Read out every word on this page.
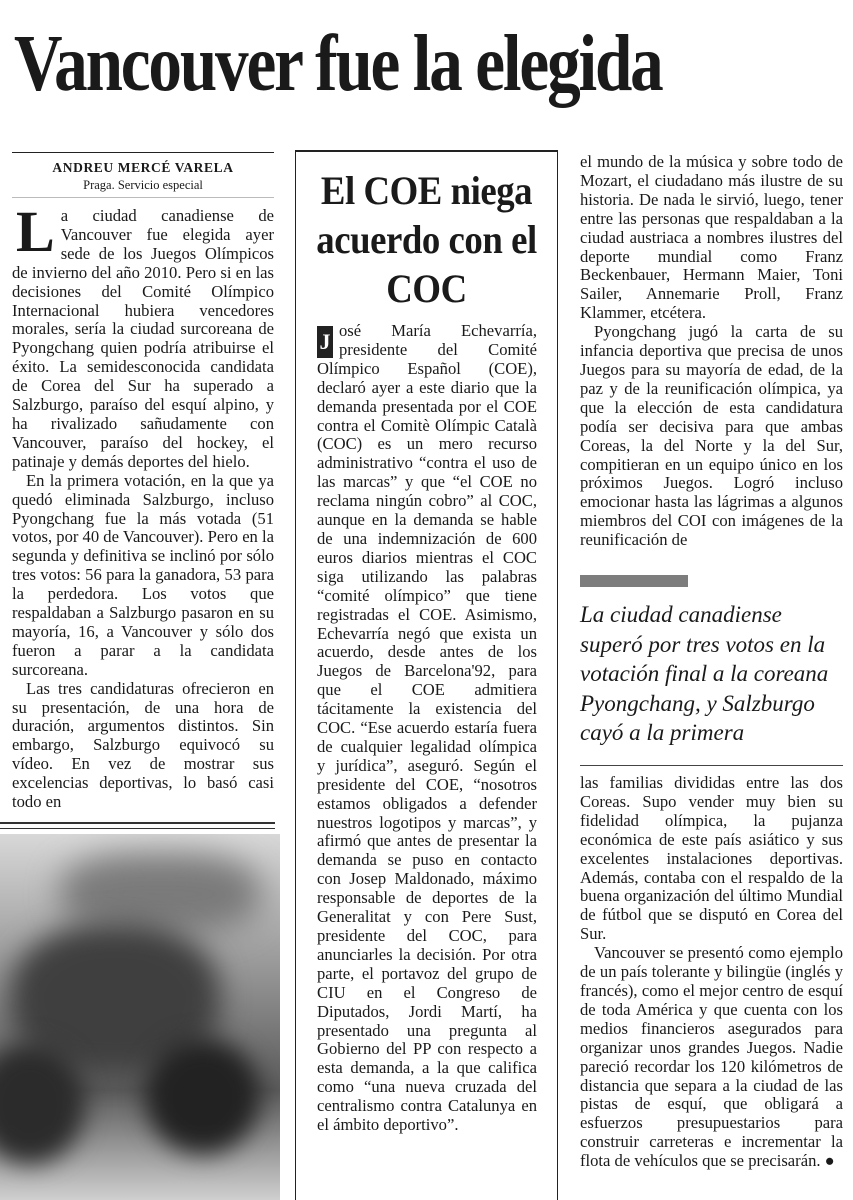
Vancouver fue la elegida
ANDREU MERCÉ VARELA
Praga. Servicio especial

La ciudad canadiense de Vancouver fue elegida ayer sede de los Juegos Olímpicos de invierno del año 2010. Pero si en las decisiones del Comité Olímpico Internacional hubiera vencedores morales, sería la ciudad surcoreana de Pyongchang quien podría atribuirse el éxito. La semidesconocida candidata de Corea del Sur ha superado a Salzburgo, paraíso del esquí alpino, y ha rivalizado sañudamente con Vancouver, paraíso del hockey, el patinaje y demás deportes del hielo.

En la primera votación, en la que ya quedó eliminada Salzburgo, incluso Pyongchang fue la más votada (51 votos, por 40 de Vancouver). Pero en la segunda y definitiva se inclinó por sólo tres votos: 56 para la ganadora, 53 para la perdedora. Los votos que respaldaban a Salzburgo pasaron en su mayoría, 16, a Vancouver y sólo dos fueron a parar a la candidata surcoreana.

Las tres candidaturas ofrecieron en su presentación, de una hora de duración, argumentos distintos. Sin embargo, Salzburgo equivocó su vídeo. En vez de mostrar sus excelencias deportivas, lo basó casi todo en

El COE niega acuerdo con el COC

J osé María Echevarría, presidente del Comité Olímpico Español (COE), declaró ayer a este diario que la demanda presentada por el COE contra el Comitè Olímpic Català (COC) es un mero recurso administrativo “contra el uso de las marcas” y que “el COE no reclama ningún cobro” al COC, aunque en la demanda se hable de una indemnización de 600 euros diarios mientras el COC siga utilizando las palabras “comité olímpico” que tiene registradas el COE. Asimismo, Echevarría negó que exista un acuerdo, desde antes de los Juegos de Barcelona'92, para que el COE admitiera tácitamente la existencia del COC. “Ese acuerdo estaría fuera de cualquier legalidad olímpica y jurídica”, aseguró. Según el presidente del COE, “nosotros estamos obligados a defender nuestros logotipos y marcas”, y afirmó que antes de presentar la demanda se puso en contacto con Josep Maldonado, máximo responsable de deportes de la Generalitat y con Pere Sust, presidente del COC, para anunciarles la decisión. Por otra parte, el portavoz del grupo de CIU en el Congreso de Diputados, Jordi Martí, ha presentado una pregunta al Gobierno del PP con respecto a esta demanda, a la que califica como “una nueva cruzada del centralismo contra Catalunya en el ámbito deportivo”.

el mundo de la música y sobre todo de Mozart, el ciudadano más ilustre de su historia. De nada le sirvió, luego, tener entre las personas que respaldaban a la ciudad austriaca a nombres ilustres del deporte mundial como Franz Beckenbauer, Hermann Maier, Toni Sailer, Annemarie Proll, Franz Klammer, etcétera.

Pyongchang jugó la carta de su infancia deportiva que precisa de unos Juegos para su mayoría de edad, de la paz y de la reunificación olímpica, ya que la elección de esta candidatura podía ser decisiva para que ambas Coreas, la del Norte y la del Sur, compitieran en un equipo único en los próximos Juegos. Logró incluso emocionar hasta las lágrimas a algunos miembros del COI con imágenes de la reunificación de

La ciudad canadiense superó por tres votos en la votación final a la coreana Pyongchang, y Salzburgo cayó a la primera

las familias divididas entre las dos Coreas. Supo vender muy bien su fidelidad olímpica, la pujanza económica de este país asiático y sus excelentes instalaciones deportivas. Además, contaba con el respaldo de la buena organización del último Mundial de fútbol que se disputó en Corea del Sur.

Vancouver se presentó como ejemplo de un país tolerante y bilingüe (inglés y francés), como el mejor centro de esquí de toda América y que cuenta con los medios financieros asegurados para organizar unos grandes Juegos. Nadie pareció recordar los 120 kilómetros de distancia que separa a la ciudad de las pistas de esquí, que obligará a esfuerzos presupuestarios para construir carreteras e incrementar la flota de vehículos que se precisarán. ●
